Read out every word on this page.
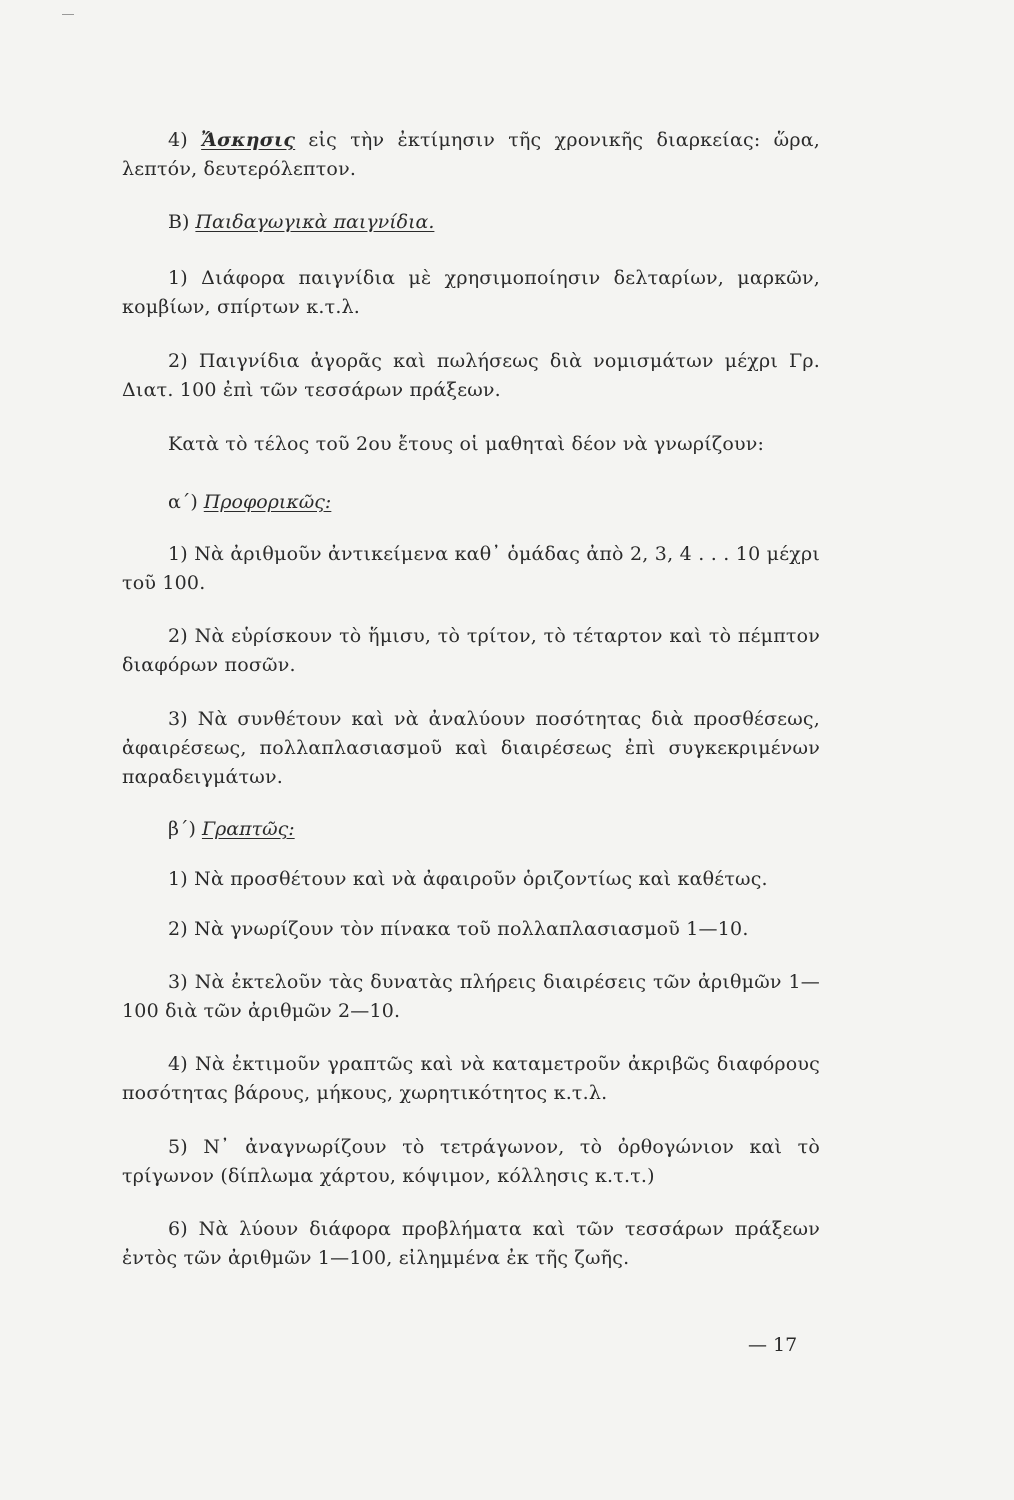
4) Ἄσκησις εἰς τὴν ἐκτίμησιν τῆς χρονικῆς διαρκείας: ὥρα, λεπτόν, δευτερόλεπτον.
Β) Παιδαγωγικὰ παιγνίδια.
1) Διάφορα παιγνίδια μὲ χρησιμοποίησιν δελταρίων, μαρκῶν, κομβίων, σπίρτων κ.τ.λ.
2) Παιγνίδια ἀγορᾶς καὶ πωλήσεως διὰ νομισμάτων μέχρι Γρ. Διατ. 100 ἐπὶ τῶν τεσσάρων πράξεων.
Κατὰ τὸ τέλος τοῦ 2ου ἔτους οἱ μαθηταὶ δέον νὰ γνωρίζουν:
α΄) Προφορικῶς:
1) Νὰ ἀριθμοῦν ἀντικείμενα καθ᾽ ὁμάδας ἀπὸ 2, 3, 4 . . . 10 μέχρι τοῦ 100.
2) Νὰ εὑρίσκουν τὸ ἥμισυ, τὸ τρίτον, τὸ τέταρτον καὶ τὸ πέμπτον διαφόρων ποσῶν.
3) Νὰ συνθέτουν καὶ νὰ ἀναλύουν ποσότητας διὰ προσθέσεως, ἀφαιρέσεως, πολλαπλασιασμοῦ καὶ διαιρέσεως ἐπὶ συγκεκριμένων παραδειγμάτων.
β΄) Γραπτῶς:
1) Νὰ προσθέτουν καὶ νὰ ἀφαιροῦν ὁριζοντίως καὶ καθέτως.
2) Νὰ γνωρίζουν τὸν πίνακα τοῦ πολλαπλασιασμοῦ 1—10.
3) Νὰ ἐκτελοῦν τὰς δυνατὰς πλήρεις διαιρέσεις τῶν ἀριθμῶν 1—100 διὰ τῶν ἀριθμῶν 2—10.
4) Νὰ ἐκτιμοῦν γραπτῶς καὶ νὰ καταμετροῦν ἀκριβῶς διαφόρους ποσότητας βάρους, μήκους, χωρητικότητος κ.τ.λ.
5) Ν᾽ ἀναγνωρίζουν τὸ τετράγωνον, τὸ ὀρθογώνιον καὶ τὸ τρίγωνον (δίπλωμα χάρτου, κόψιμον, κόλλησις κ.τ.τ.)
6) Νὰ λύουν διάφορα προβλήματα καὶ τῶν τεσσάρων πράξεων ἐντὸς τῶν ἀριθμῶν 1—100, εἰλημμένα ἐκ τῆς ζωῆς.
— 17
